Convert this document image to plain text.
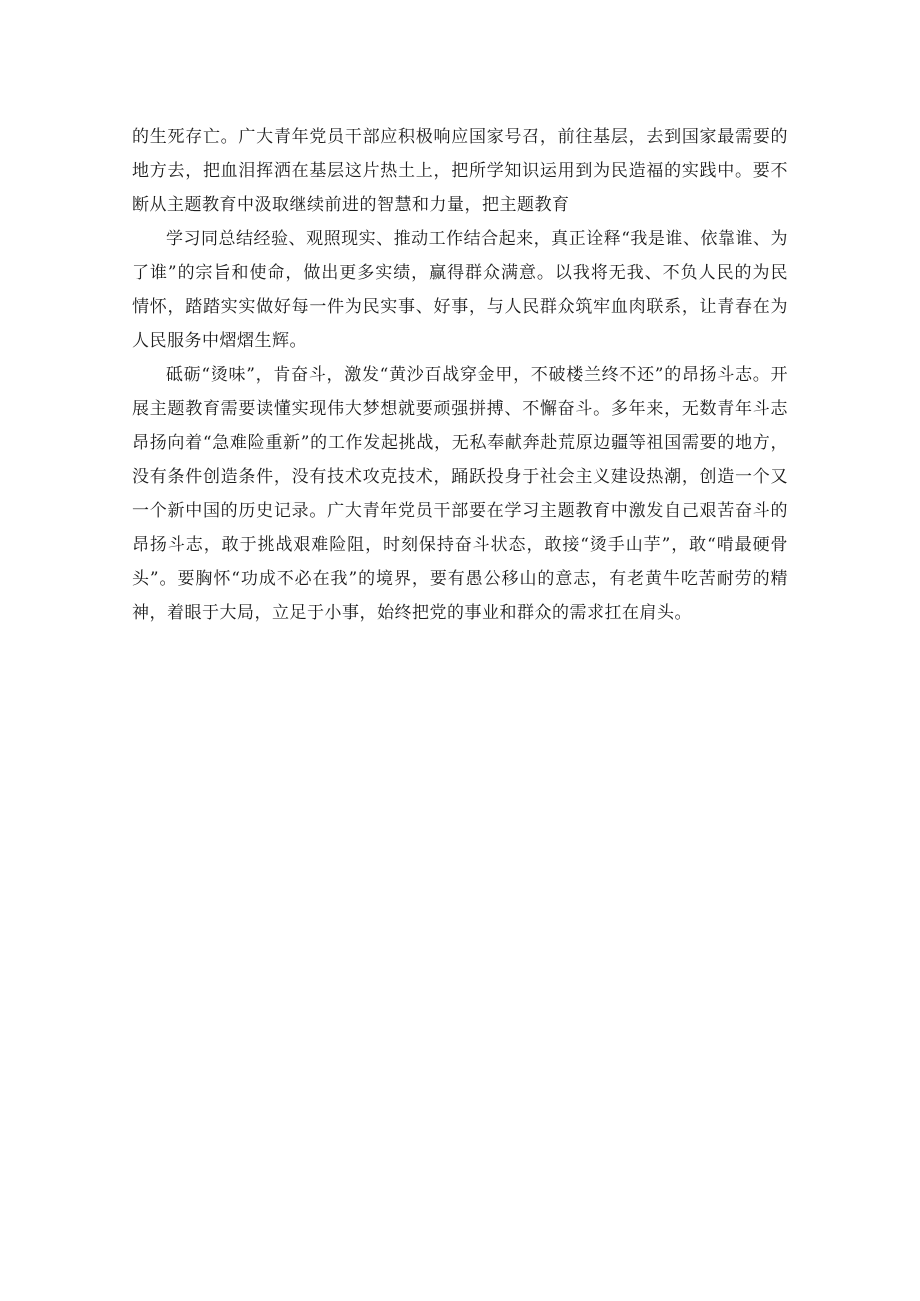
的生死存亡。广大青年党员干部应积极响应国家号召，前往基层，去到国家最需要的地方去，把血泪挥洒在基层这片热土上，把所学知识运用到为民造福的实践中。要不断从主题教育中汲取继续前进的智慧和力量，把主题教育

学习同总结经验、观照现实、推动工作结合起来，真正诠释“我是谁、依靠谁、为了谁”的宗旨和使命，做出更多实绩，赢得群众满意。以我将无我、不负人民的为民情怀，踏踏实实做好每一件为民实事、好事，与人民群众筑牢血肉联系，让青春在为人民服务中熠熠生辉。

砥砺“烫味”，肯奋斗，激发“黄沙百战穿金甲，不破楼兰终不还”的昂扬斗志。开展主题教育需要读懂实现伟大梦想就要顽强拼搏、不懈奋斗。多年来，无数青年斗志昂扬向着“急难险重新”的工作发起挑战，无私奉献奔赴荒原边疆等祖国需要的地方，没有条件创造条件，没有技术攻克技术，踊跃投身于社会主义建设热潮，创造一个又一个新中国的历史记录。广大青年党员干部要在学习主题教育中激发自己艰苦奋斗的昂扬斗志，敢于挑战艰难险阻，时刻保持奋斗状态，敢接“烫手山芋”，敢“啃最硬骨头”。要胸怀“功成不必在我”的境界，要有愚公移山的意志，有老黄牛吃苦耐劳的精神，着眼于大局，立足于小事，始终把党的事业和群众的需求扛在肩头。
